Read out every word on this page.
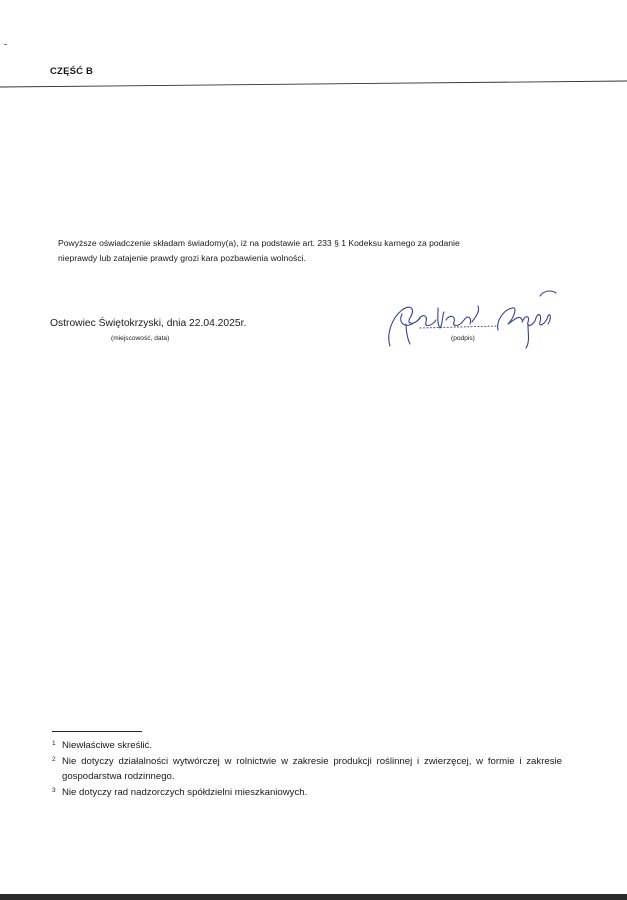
CZĘŚĆ B

Powyższe oświadczenie składam świadomy(a), iż na podstawie art. 233 § 1 Kodeksu karnego za podanie

nieprawdy lub zatajenie prawdy grozi kara pozbawienia wolności.

Ostrowiec Świętokrzyski, dnia 22.04.2025r.
(miejscowość, data)	(podpis)
1 Niewłaściwe skreślić.
2 Nie dotyczy działalności wytwórczej w rolnictwie w zakresie produkcji roślinnej i zwierzęcej, w formie i zakresie gospodarstwa rodzinnego.
3 Nie dotyczy rad nadzorczych spółdzielni mieszkaniowych.
